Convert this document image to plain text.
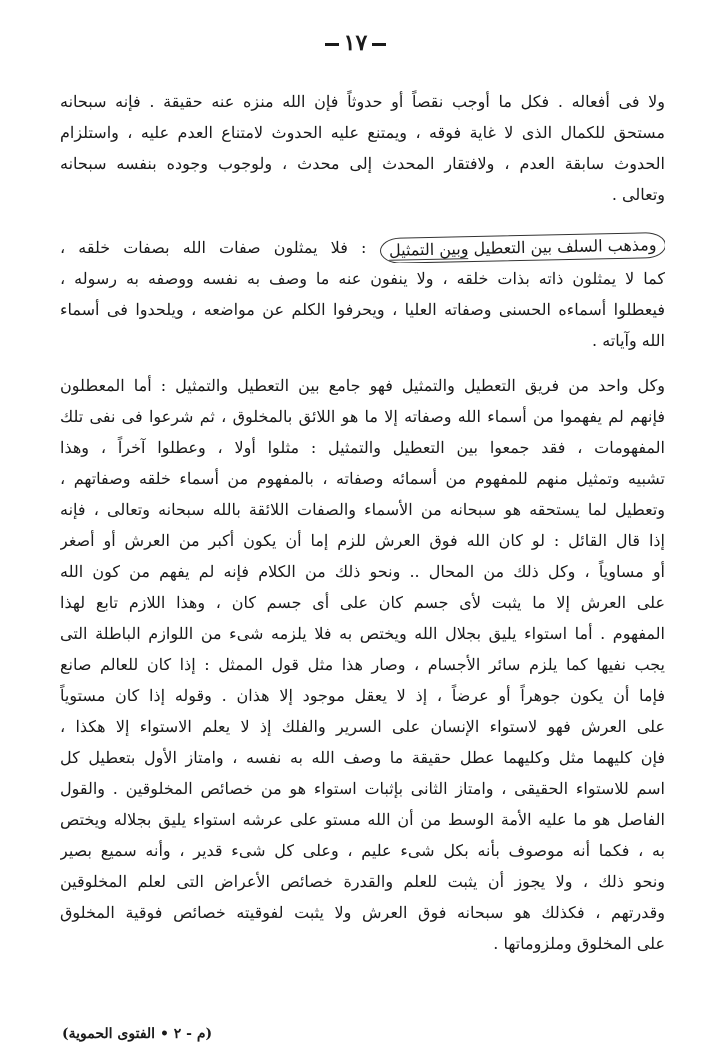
١٧
ولا فى أفعاله . فكل ما أوجب نقصاً أو حدوثاً فإن الله منزه عنه حقيقة . فإنه سبحانه
مستحق للكمال الذى لا غاية فوقه ، ويمتنع عليه الحدوث لامتناع العدم عليه ، واستلزام
الحدوث سابقة العدم ، ولافتقار المحدث إلى محدث ، ولوجوب وجوده بنفسه سبحانه
وتعالى .
ومذهب السلف بين التعطيل وبين التمثيل : فلا يمثلون صفات الله بصفات خلقه ،
كما لا يمثلون ذاته بذات خلقه ، ولا ينفون عنه ما وصف به نفسه ووصفه به رسوله ،
فيعطلوا أسماءه الحسنى وصفاته العليا ، ويحرفوا الكلم عن مواضعه ، ويلحدوا فى أسماء
الله وآياته .
وكل واحد من فريق التعطيل والتمثيل فهو جامع بين التعطيل والتمثيل : أما المعطلون
فإنهم لم يفهموا من أسماء الله وصفاته إلا ما هو اللائق بالمخلوق ، ثم شرعوا فى نفى تلك
المفهومات ، فقد جمعوا بين التعطيل والتمثيل : مثلوا أولا ، وعطلوا آخراً ، وهذا
تشبيه وتمثيل منهم للمفهوم من أسمائه وصفاته ، بالمفهوم من أسماء خلقه وصفاتهم ،
وتعطيل لما يستحقه هو سبحانه من الأسماء والصفات اللائقة بالله سبحانه وتعالى ، فإنه
إذا قال القائل : لو كان الله فوق العرش للزم إما أن يكون أكبر من العرش أو أصغر
أو مساوياً ، وكل ذلك من المحال .. ونحو ذلك من الكلام فإنه لم يفهم من كون الله
على العرش إلا ما يثبت لأى جسم كان على أى جسم كان ، وهذا اللازم تابع لهذا
المفهوم . أما استواء يليق بجلال الله ويختص به فلا يلزمه شىء من اللوازم الباطلة التى
يجب نفيها كما يلزم سائر الأجسام ، وصار هذا مثل قول الممثل : إذا كان للعالم صانع
فإما أن يكون جوهراً أو عرضاً ، إذ لا يعقل موجود إلا هذان . وقوله إذا كان مستوياً
على العرش فهو لاستواء الإنسان على السرير والفلك إذ لا يعلم الاستواء إلا هكذا ،
فإن كليهما مثل وكليهما عطل حقيقة ما وصف الله به نفسه ، وامتاز الأول بتعطيل كل
اسم للاستواء الحقيقى ، وامتاز الثانى بإثبات استواء هو من خصائص المخلوقين . والقول
الفاصل هو ما عليه الأمة الوسط من أن الله مستو على عرشه استواء يليق بجلاله ويختص
به ، فكما أنه موصوف بأنه بكل شىء عليم ، وعلى كل شىء قدير ، وأنه سميع بصير
ونحو ذلك ، ولا يجوز أن يثبت للعلم والقدرة خصائص الأعراض التى لعلم المخلوقين
وقدرتهم ، فكذلك هو سبحانه فوق العرش ولا يثبت لفوقيته خصائص فوقية المخلوق
على المخلوق وملزوماتها .
(م - ٢ • الفتوى الحموية)
